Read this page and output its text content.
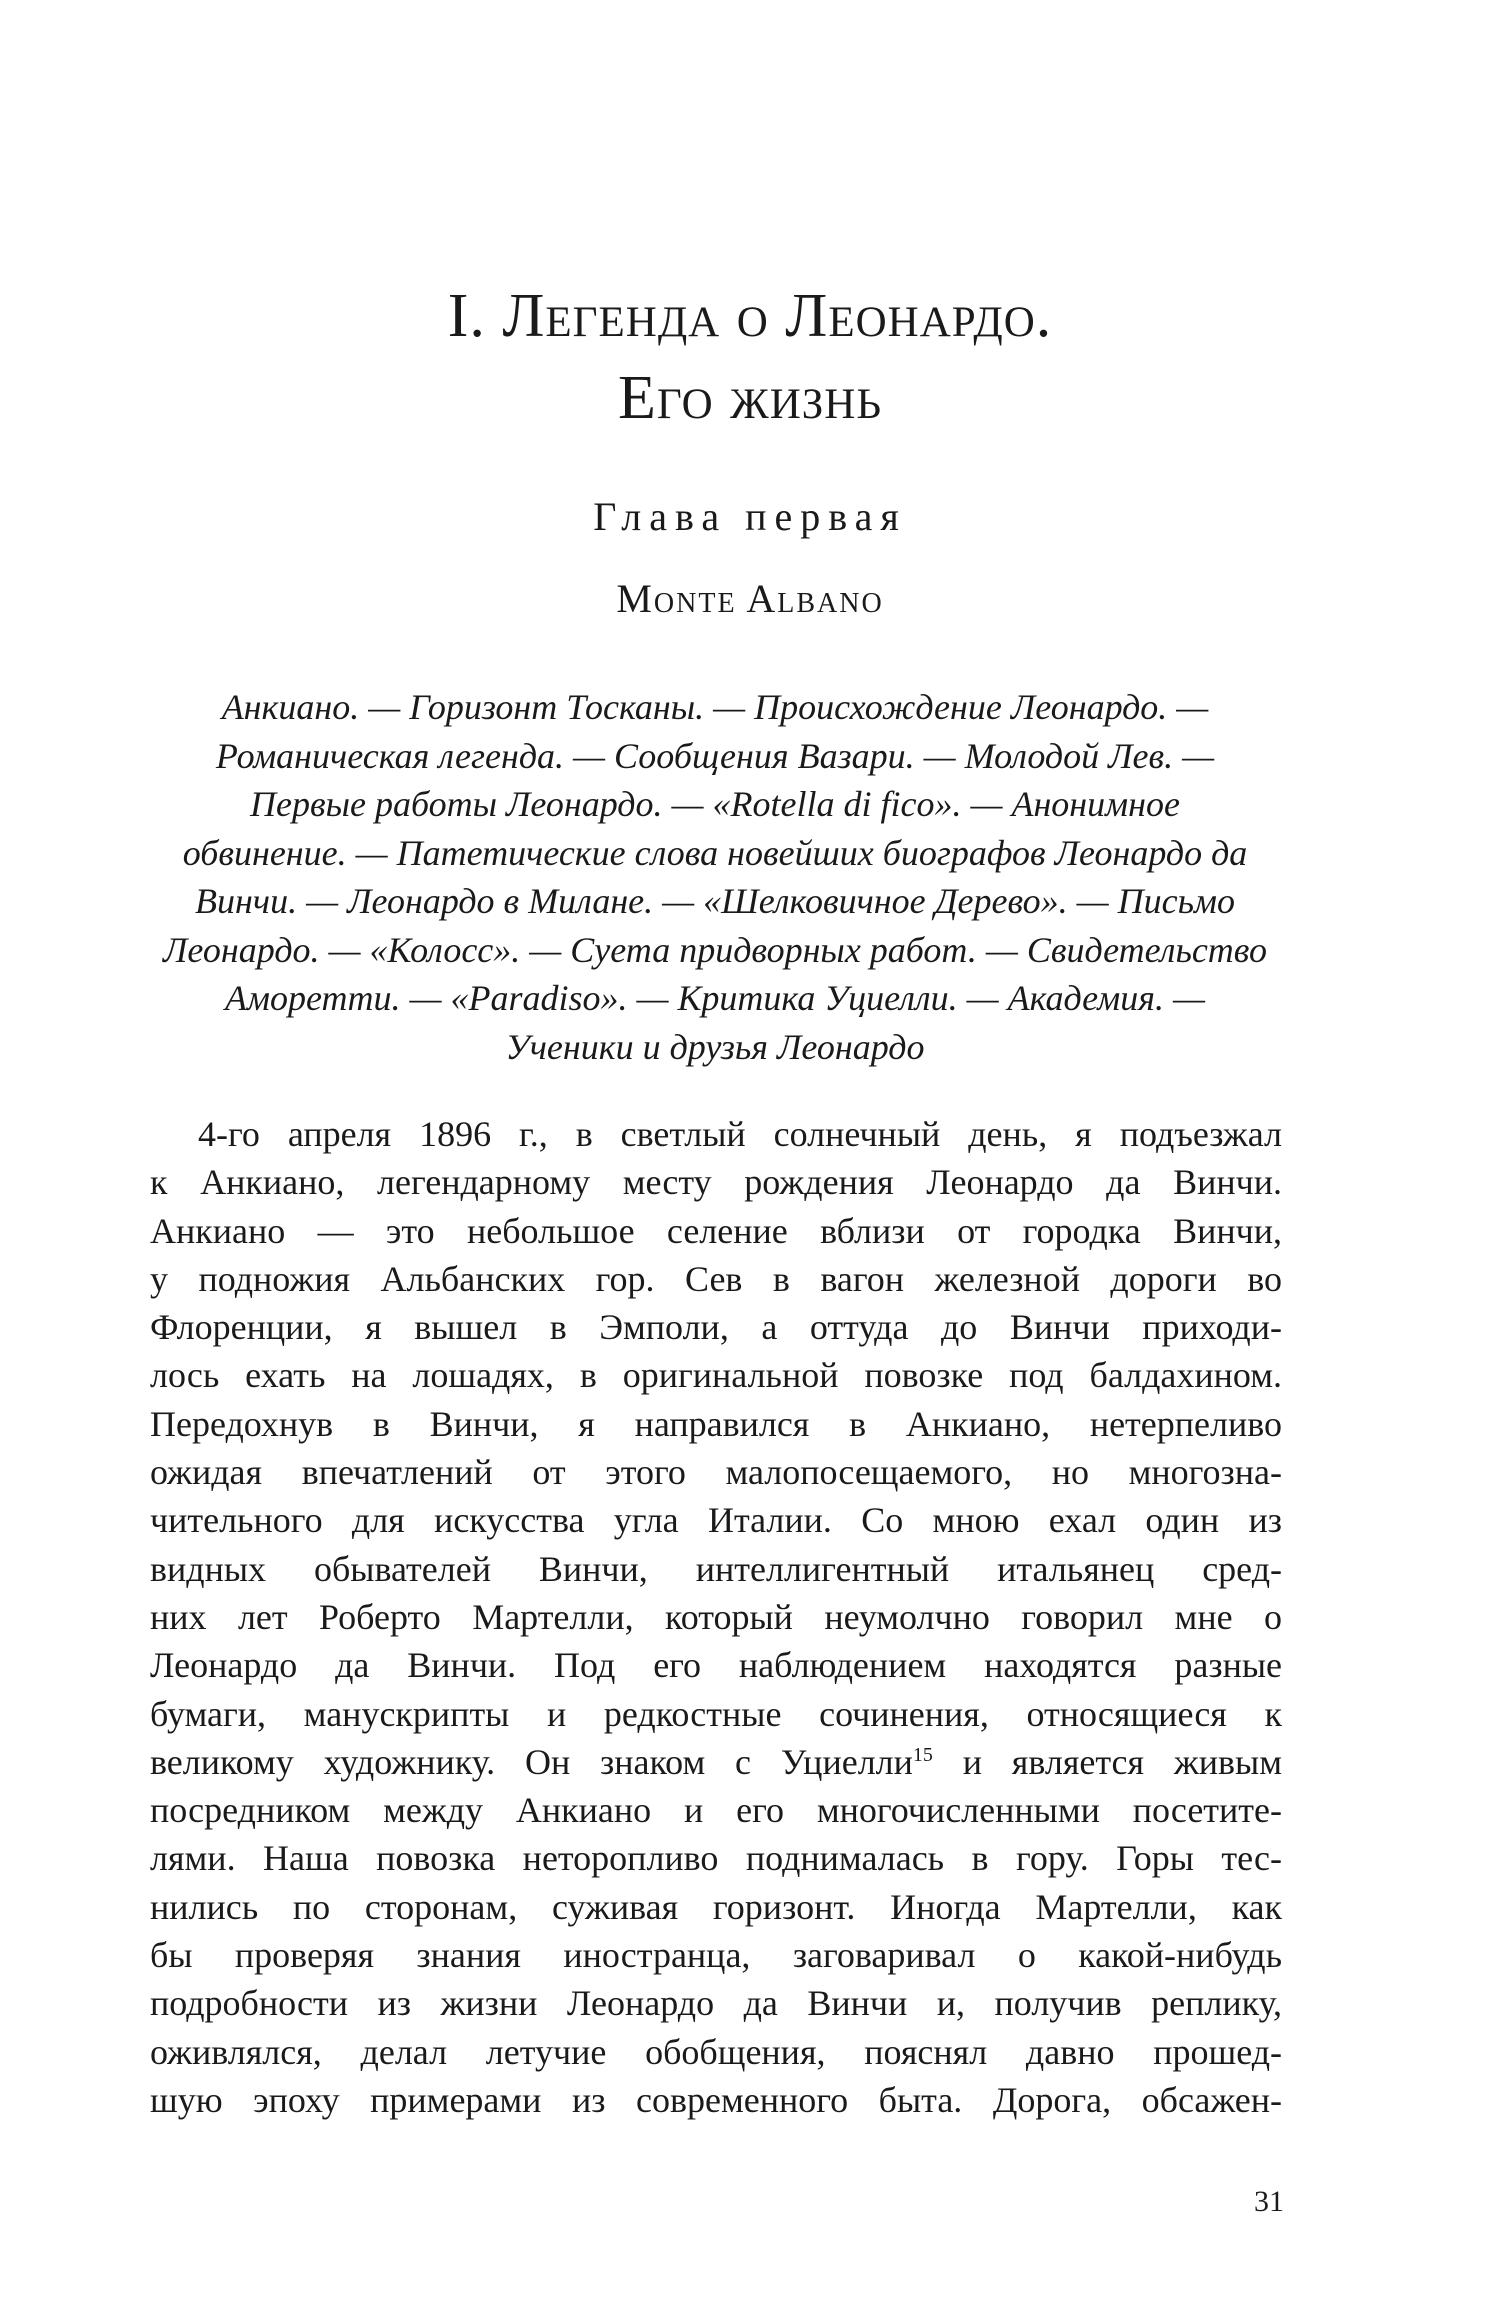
I. Легенда о Леонардо.
Его жизнь
Глава первая
Monte Albano

Анкиано. — Горизонт Тосканы. — Происхождение Леонардо. —
Романическая легенда. — Сообщения Вазари. — Молодой Лев. —
Первые работы Леонардо. — «Rotella di fico». — Анонимное
обвинение. — Патетические слова новейших биографов Леонардо да
Винчи. — Леонардо в Милане. — «Шелковичное Дерево». — Письмо
Леонардо. — «Колосс». — Суета придворных работ. — Свидетельство
Аморетти. — «Paradiso». — Критика Уциелли. — Академия. —
Ученики и друзья Леонардо

4-го апреля 1896 г., в светлый солнечный день, я подъезжал
к Анкиано, легендарному месту рождения Леонардо да Винчи.
Анкиано — это небольшое селение вблизи от городка Винчи,
у подножия Альбанских гор. Сев в вагон железной дороги во
Флоренции, я вышел в Эмполи, а оттуда до Винчи приходи-
лось ехать на лошадях, в оригинальной повозке под балдахином.
Передохнув в Винчи, я направился в Анкиано, нетерпеливо
ожидая впечатлений от этого малопосещаемого, но многозна-
чительного для искусства угла Италии. Со мною ехал один из
видных обывателей Винчи, интеллигентный итальянец сред-
них лет Роберто Мартелли, который неумолчно говорил мне о
Леонардо да Винчи. Под его наблюдением находятся разные
бумаги, манускрипты и редкостные сочинения, относящиеся к
великому художнику. Он знаком с Уциелли$^{15}$ и является живым
посредником между Анкиано и его многочисленными посетите-
лями. Наша повозка неторопливо поднималась в гору. Горы тес-
нились по сторонам, суживая горизонт. Иногда Мартелли, как
бы проверяя знания иностранца, заговаривал о какой-нибудь
подробности из жизни Леонардо да Винчи и, получив реплику,
оживлялся, делал летучие обобщения, пояснял давно прошед-
шую эпоху примерами из современного быта. Дорога, обсажен-
31
